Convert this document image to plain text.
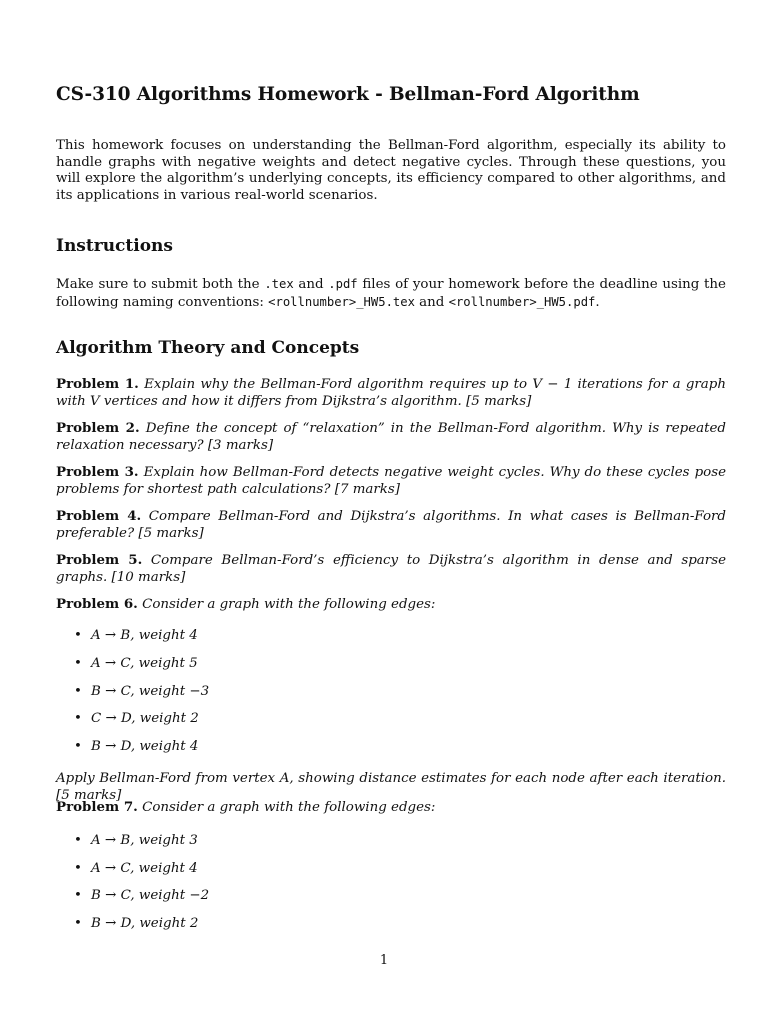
CS-310 Algorithms Homework - Bellman-Ford Algorithm
This homework focuses on understanding the Bellman-Ford algorithm, especially its ability to handle graphs with negative weights and detect negative cycles. Through these questions, you will explore the algorithm’s underlying concepts, its efficiency compared to other algorithms, and its applications in various real-world scenarios.
Instructions
Make sure to submit both the .tex and .pdf files of your homework before the deadline using the following naming conventions: <rollnumber>_HW5.tex and <rollnumber>_HW5.pdf.
Algorithm Theory and Concepts
Problem 1. Explain why the Bellman-Ford algorithm requires up to V − 1 iterations for a graph with V vertices and how it differs from Dijkstra’s algorithm. [5 marks]
Problem 2. Define the concept of “relaxation” in the Bellman-Ford algorithm. Why is repeated relaxation necessary? [3 marks]
Problem 3. Explain how Bellman-Ford detects negative weight cycles. Why do these cycles pose problems for shortest path calculations? [7 marks]
Problem 4. Compare Bellman-Ford and Dijkstra’s algorithms. In what cases is Bellman-Ford preferable? [5 marks]
Problem 5. Compare Bellman-Ford’s efficiency to Dijkstra’s algorithm in dense and sparse graphs. [10 marks]
Problem 6. Consider a graph with the following edges:
• A → B, weight 4
• A → C, weight 5
• B → C, weight −3
• C → D, weight 2
• B → D, weight 4
Apply Bellman-Ford from vertex A, showing distance estimates for each node after each iteration. [5 marks]
Problem 7. Consider a graph with the following edges:
• A → B, weight 3
• A → C, weight 4
• B → C, weight −2
• B → D, weight 2
1
